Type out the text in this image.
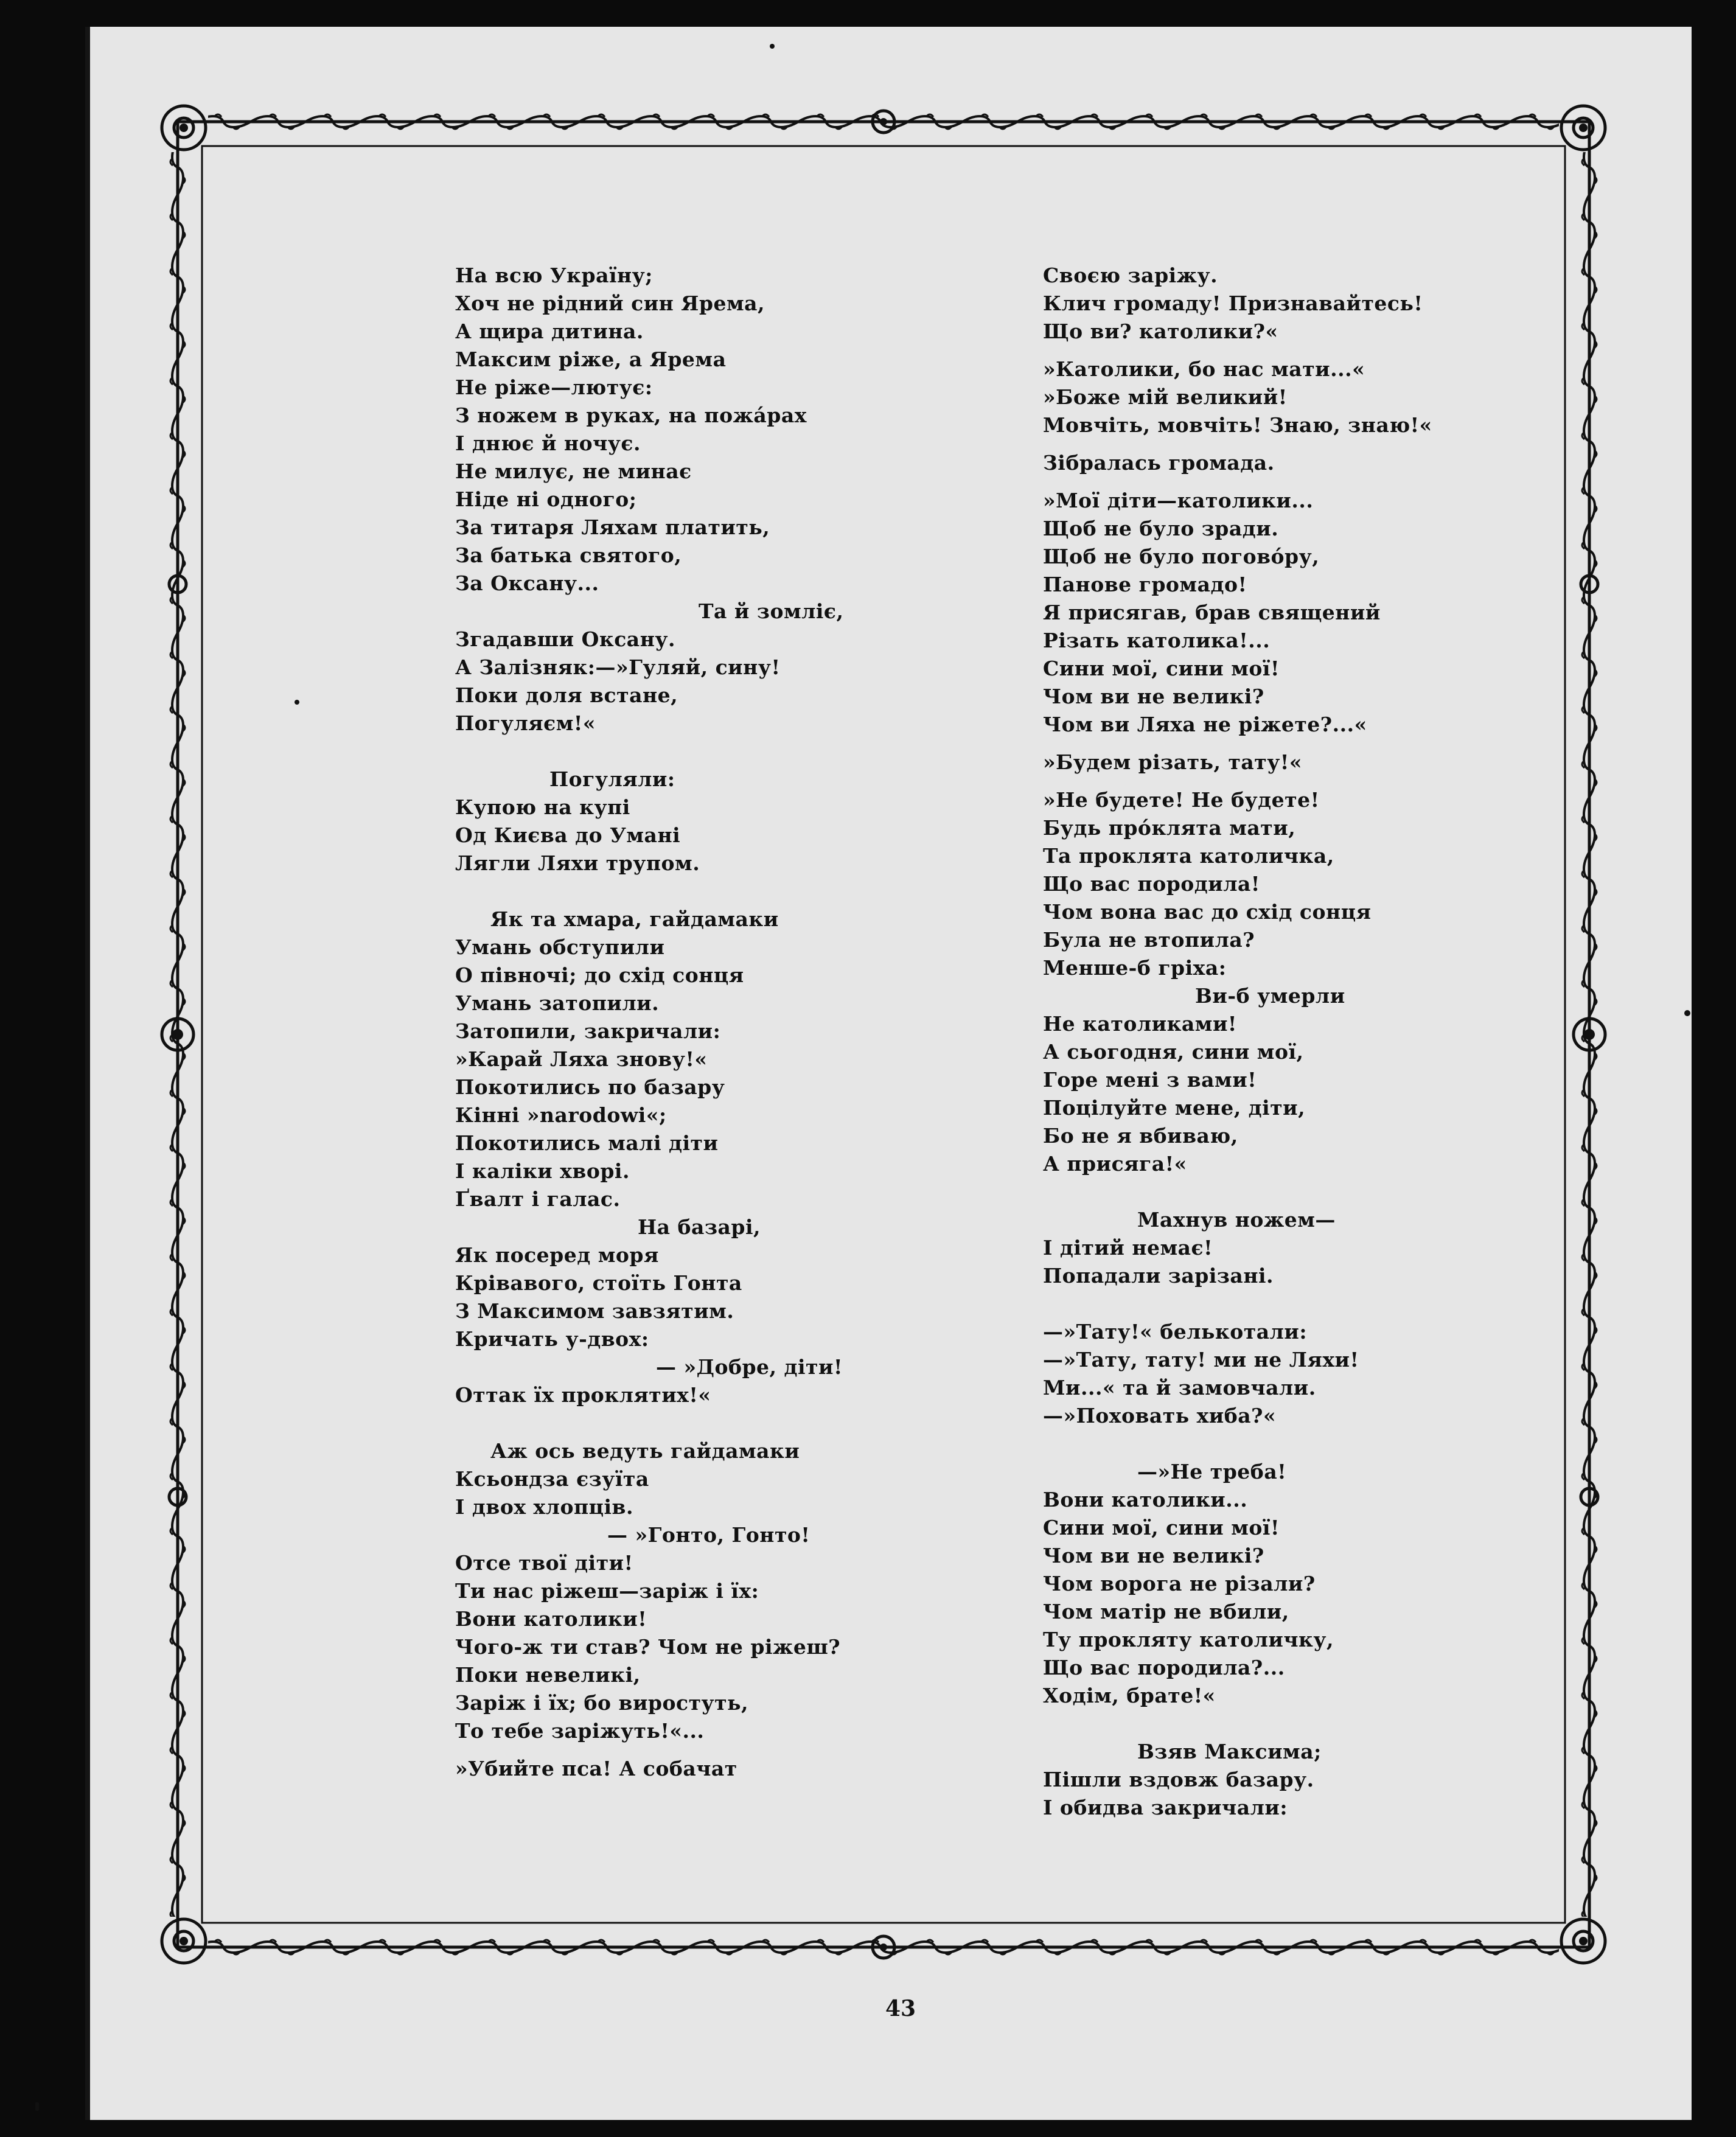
На всю Україну;
Хоч не рідний син Ярема,
А щира дитина.
Максим ріже, а Ярема
Не ріже—лютує:
З ножем в руках, на пожáрах
І днює й ночує.
Не милує, не минає
Ніде ні одного;
За титаря Ляхам платить,
За батька святого,
За Оксану...
Та й зомліє,
Згадавши Оксану.
А Залізняк:—»Гуляй, сину!
Поки доля встане,
Погуляєм!«
Погуляли:
Купою на купі
Од Києва до Умані
Лягли Ляхи трупом.
Як та хмара, гайдамаки
Умань обступили
О півночі; до схід сонця
Умань затопили.
Затопили, закричали:
»Карай Ляха знову!«
Покотились по базару
Кінні »narodowi«;
Покотились малі діти
І каліки хворі.
Ґвалт і галас.
На базарі,
Як посеред моря
Крівавого, стоїть Гонта
З Максимом завзятим.
Кричать у-двох:
— »Добре, діти!
Оттак їх проклятих!«
Аж ось ведуть гайдамаки
Ксьондза єзуїта
І двох хлопців.
— »Гонто, Гонто!
Отсе твої діти!
Ти нас ріжеш—заріж і їх:
Вони католики!
Чого-ж ти став? Чом не ріжеш?
Поки невеликі,
Заріж і їх; бо виростуть,
То тебе заріжуть!«...
»Убийте пса! А собачат
Своєю заріжу.
Клич громаду! Признавайтесь!
Що ви? католики?«
»Католики, бо нас мати...«
»Боже мій великий!
Мовчіть, мовчіть! Знаю, знаю!«
Зібралась громада.
»Мої діти—католики...
Щоб не було зради.
Щоб не було поговóру,
Панове громадо!
Я присягав, брав священий
Різать католика!...
Сини мої, сини мої!
Чом ви не великі?
Чом ви Ляха не ріжете?...«
»Будем різать, тату!«
»Не будете! Не будете!
Будь прóклята мати,
Та проклята католичка,
Що вас породила!
Чом вона вас до схід сонця
Була не втопила?
Менше-б гріха:
Ви-б умерли
Не католиками!
А сьогодня, сини мої,
Горе мені з вами!
Поцілуйте мене, діти,
Бо не я вбиваю,
А присяга!«
Махнув ножем—
І дітий немає!
Попадали зарізані.
—»Тату!« белькотали:
—»Тату, тату! ми не Ляхи!
Ми...« та й замовчали.
—»Поховать хиба?«
—»Не треба!
Вони католики...
Сини мої, сини мої!
Чом ви не великі?
Чом ворога не різали?
Чом матір не вбили,
Ту прокляту католичку,
Що вас породила?...
Ходім, брате!«
Взяв Максима;
Пішли вздовж базару.
І обидва закричали:
43
